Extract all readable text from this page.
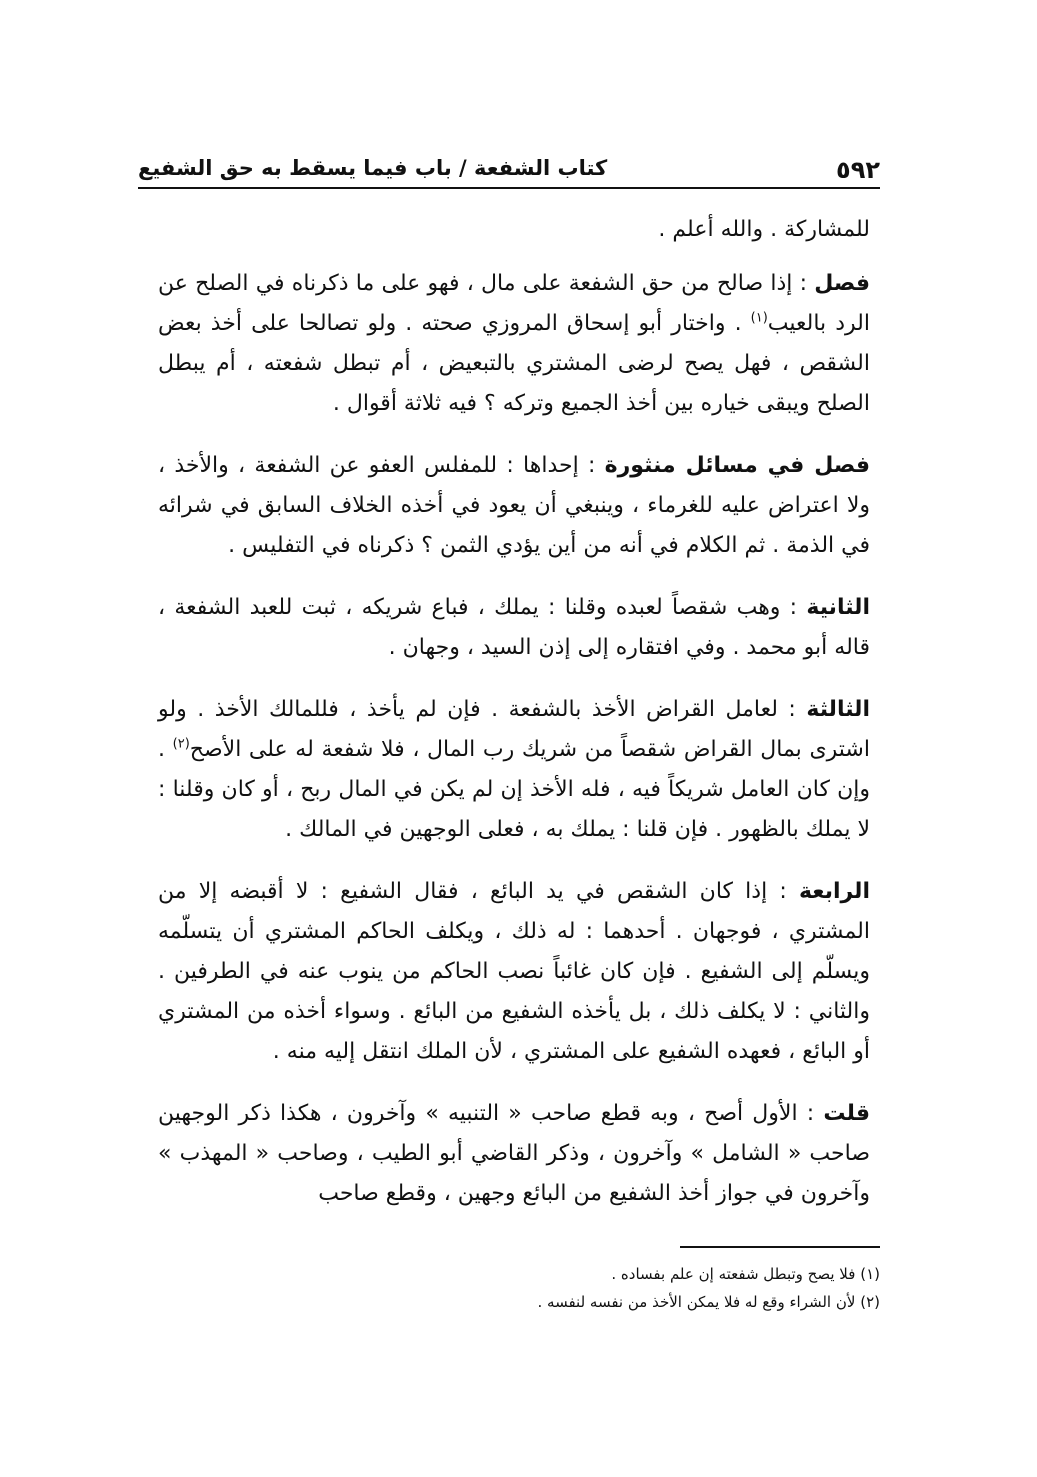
٥٩٢
كتاب الشفعة / باب فيما يسقط به حق الشفيع

للمشاركة . والله أعلم .

فصل : إذا صالح من حق الشفعة على مال ، فهو على ما ذكرناه في الصلح عن الرد بالعيب$^{(١)}$ . واختار أبو إسحاق المروزي صحته . ولو تصالحا على أخذ بعض الشقص ، فهل يصح لرضى المشتري بالتبعيض ، أم تبطل شفعته ، أم يبطل الصلح ويبقى خياره بين أخذ الجميع وتركه ؟ فيه ثلاثة أقوال .

فصل في مسائل منثورة : إحداها : للمفلس العفو عن الشفعة ، والأخذ ، ولا اعتراض عليه للغرماء ، وينبغي أن يعود في أخذه الخلاف السابق في شرائه في الذمة . ثم الكلام في أنه من أين يؤدي الثمن ؟ ذكرناه في التفليس .

الثانية : وهب شقصاً لعبده وقلنا : يملك ، فباع شريكه ، ثبت للعبد الشفعة ، قاله أبو محمد . وفي افتقاره إلى إذن السيد ، وجهان .

الثالثة : لعامل القراض الأخذ بالشفعة . فإن لم يأخذ ، فللمالك الأخذ . ولو اشترى بمال القراض شقصاً من شريك رب المال ، فلا شفعة له على الأصح$^{(٢)}$ . وإن كان العامل شريكاً فيه ، فله الأخذ إن لم يكن في المال ربح ، أو كان وقلنا : لا يملك بالظهور . فإن قلنا : يملك به ، فعلى الوجهين في المالك .

الرابعة : إذا كان الشقص في يد البائع ، فقال الشفيع : لا أقبضه إلا من المشتري ، فوجهان . أحدهما : له ذلك ، ويكلف الحاكم المشتري أن يتسلّمه ويسلّم إلى الشفيع . فإن كان غائباً نصب الحاكم من ينوب عنه في الطرفين . والثاني : لا يكلف ذلك ، بل يأخذه الشفيع من البائع . وسواء أخذه من المشتري أو البائع ، فعهده الشفيع على المشتري ، لأن الملك انتقل إليه منه .

قلت : الأول أصح ، وبه قطع صاحب « التنبيه » وآخرون ، هكذا ذكر الوجهين صاحب « الشامل » وآخرون ، وذكر القاضي أبو الطيب ، وصاحب « المهذب » وآخرون في جواز أخذ الشفيع من البائع وجهين ، وقطع صاحب

(١) فلا يصح وتبطل شفعته إن علم بفساده .
(٢) لأن الشراء وقع له فلا يمكن الأخذ من نفسه لنفسه .
